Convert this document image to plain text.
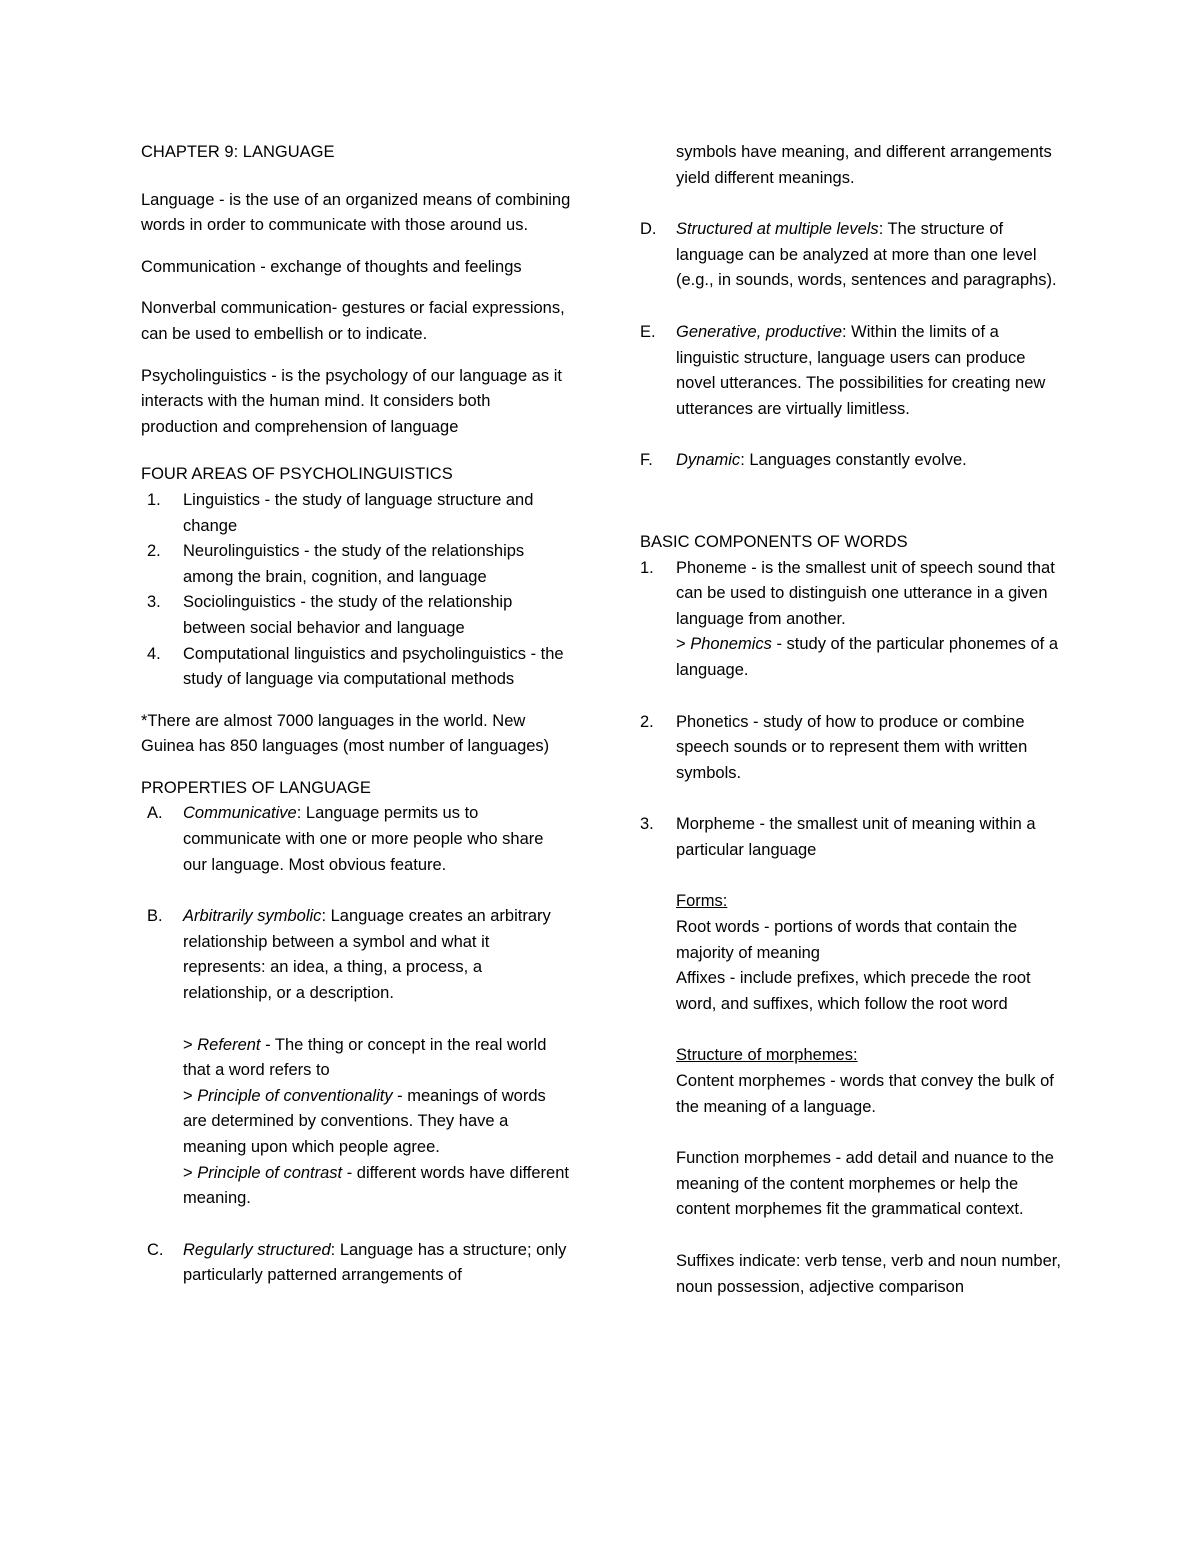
CHAPTER 9: LANGUAGE

Language - is the use of an organized means of combining words in order to communicate with those around us.

Communication - exchange of thoughts and feelings

Nonverbal communication- gestures or facial expressions, can be used to embellish or to indicate.

Psycholinguistics - is the psychology of our language as it interacts with the human mind. It considers both production and comprehension of language

FOUR AREAS OF PSYCHOLINGUISTICS

1. Linguistics - the study of language structure and change
2. Neurolinguistics - the study of the relationships among the brain, cognition, and language
3. Sociolinguistics - the study of the relationship between social behavior and language
4. Computational linguistics and psycholinguistics - the study of language via computational methods

*There are almost 7000 languages in the world. New Guinea has 850 languages (most number of languages)

PROPERTIES OF LANGUAGE

A. Communicative: Language permits us to communicate with one or more people who share our language. Most obvious feature.
B. Arbitrarily symbolic: Language creates an arbitrary relationship between a symbol and what it represents: an idea, a thing, a process, a relationship, or a description.
> Referent - The thing or concept in the real world that a word refers to
> Principle of conventionality - meanings of words are determined by conventions. They have a meaning upon which people agree.
> Principle of contrast - different words have different meaning.
C. Regularly structured: Language has a structure; only particularly patterned arrangements of
symbols have meaning, and different arrangements yield different meanings.
D. Structured at multiple levels: The structure of language can be analyzed at more than one level (e.g., in sounds, words, sentences and paragraphs).
E. Generative, productive: Within the limits of a linguistic structure, language users can produce novel utterances. The possibilities for creating new utterances are virtually limitless.
F. Dynamic: Languages constantly evolve.

BASIC COMPONENTS OF WORDS

1. Phoneme - is the smallest unit of speech sound that can be used to distinguish one utterance in a given language from another.
> Phonemics - study of the particular phonemes of a language.
2. Phonetics - study of how to produce or combine speech sounds or to represent them with written symbols.
3. Morpheme - the smallest unit of meaning within a particular language
Forms:
Root words - portions of words that contain the majority of meaning
Affixes - include prefixes, which precede the root word, and suffixes, which follow the root word
Structure of morphemes:
Content morphemes - words that convey the bulk of the meaning of a language.
Function morphemes - add detail and nuance to the meaning of the content morphemes or help the content morphemes fit the grammatical context.
Suffixes indicate: verb tense, verb and noun number, noun possession, adjective comparison
